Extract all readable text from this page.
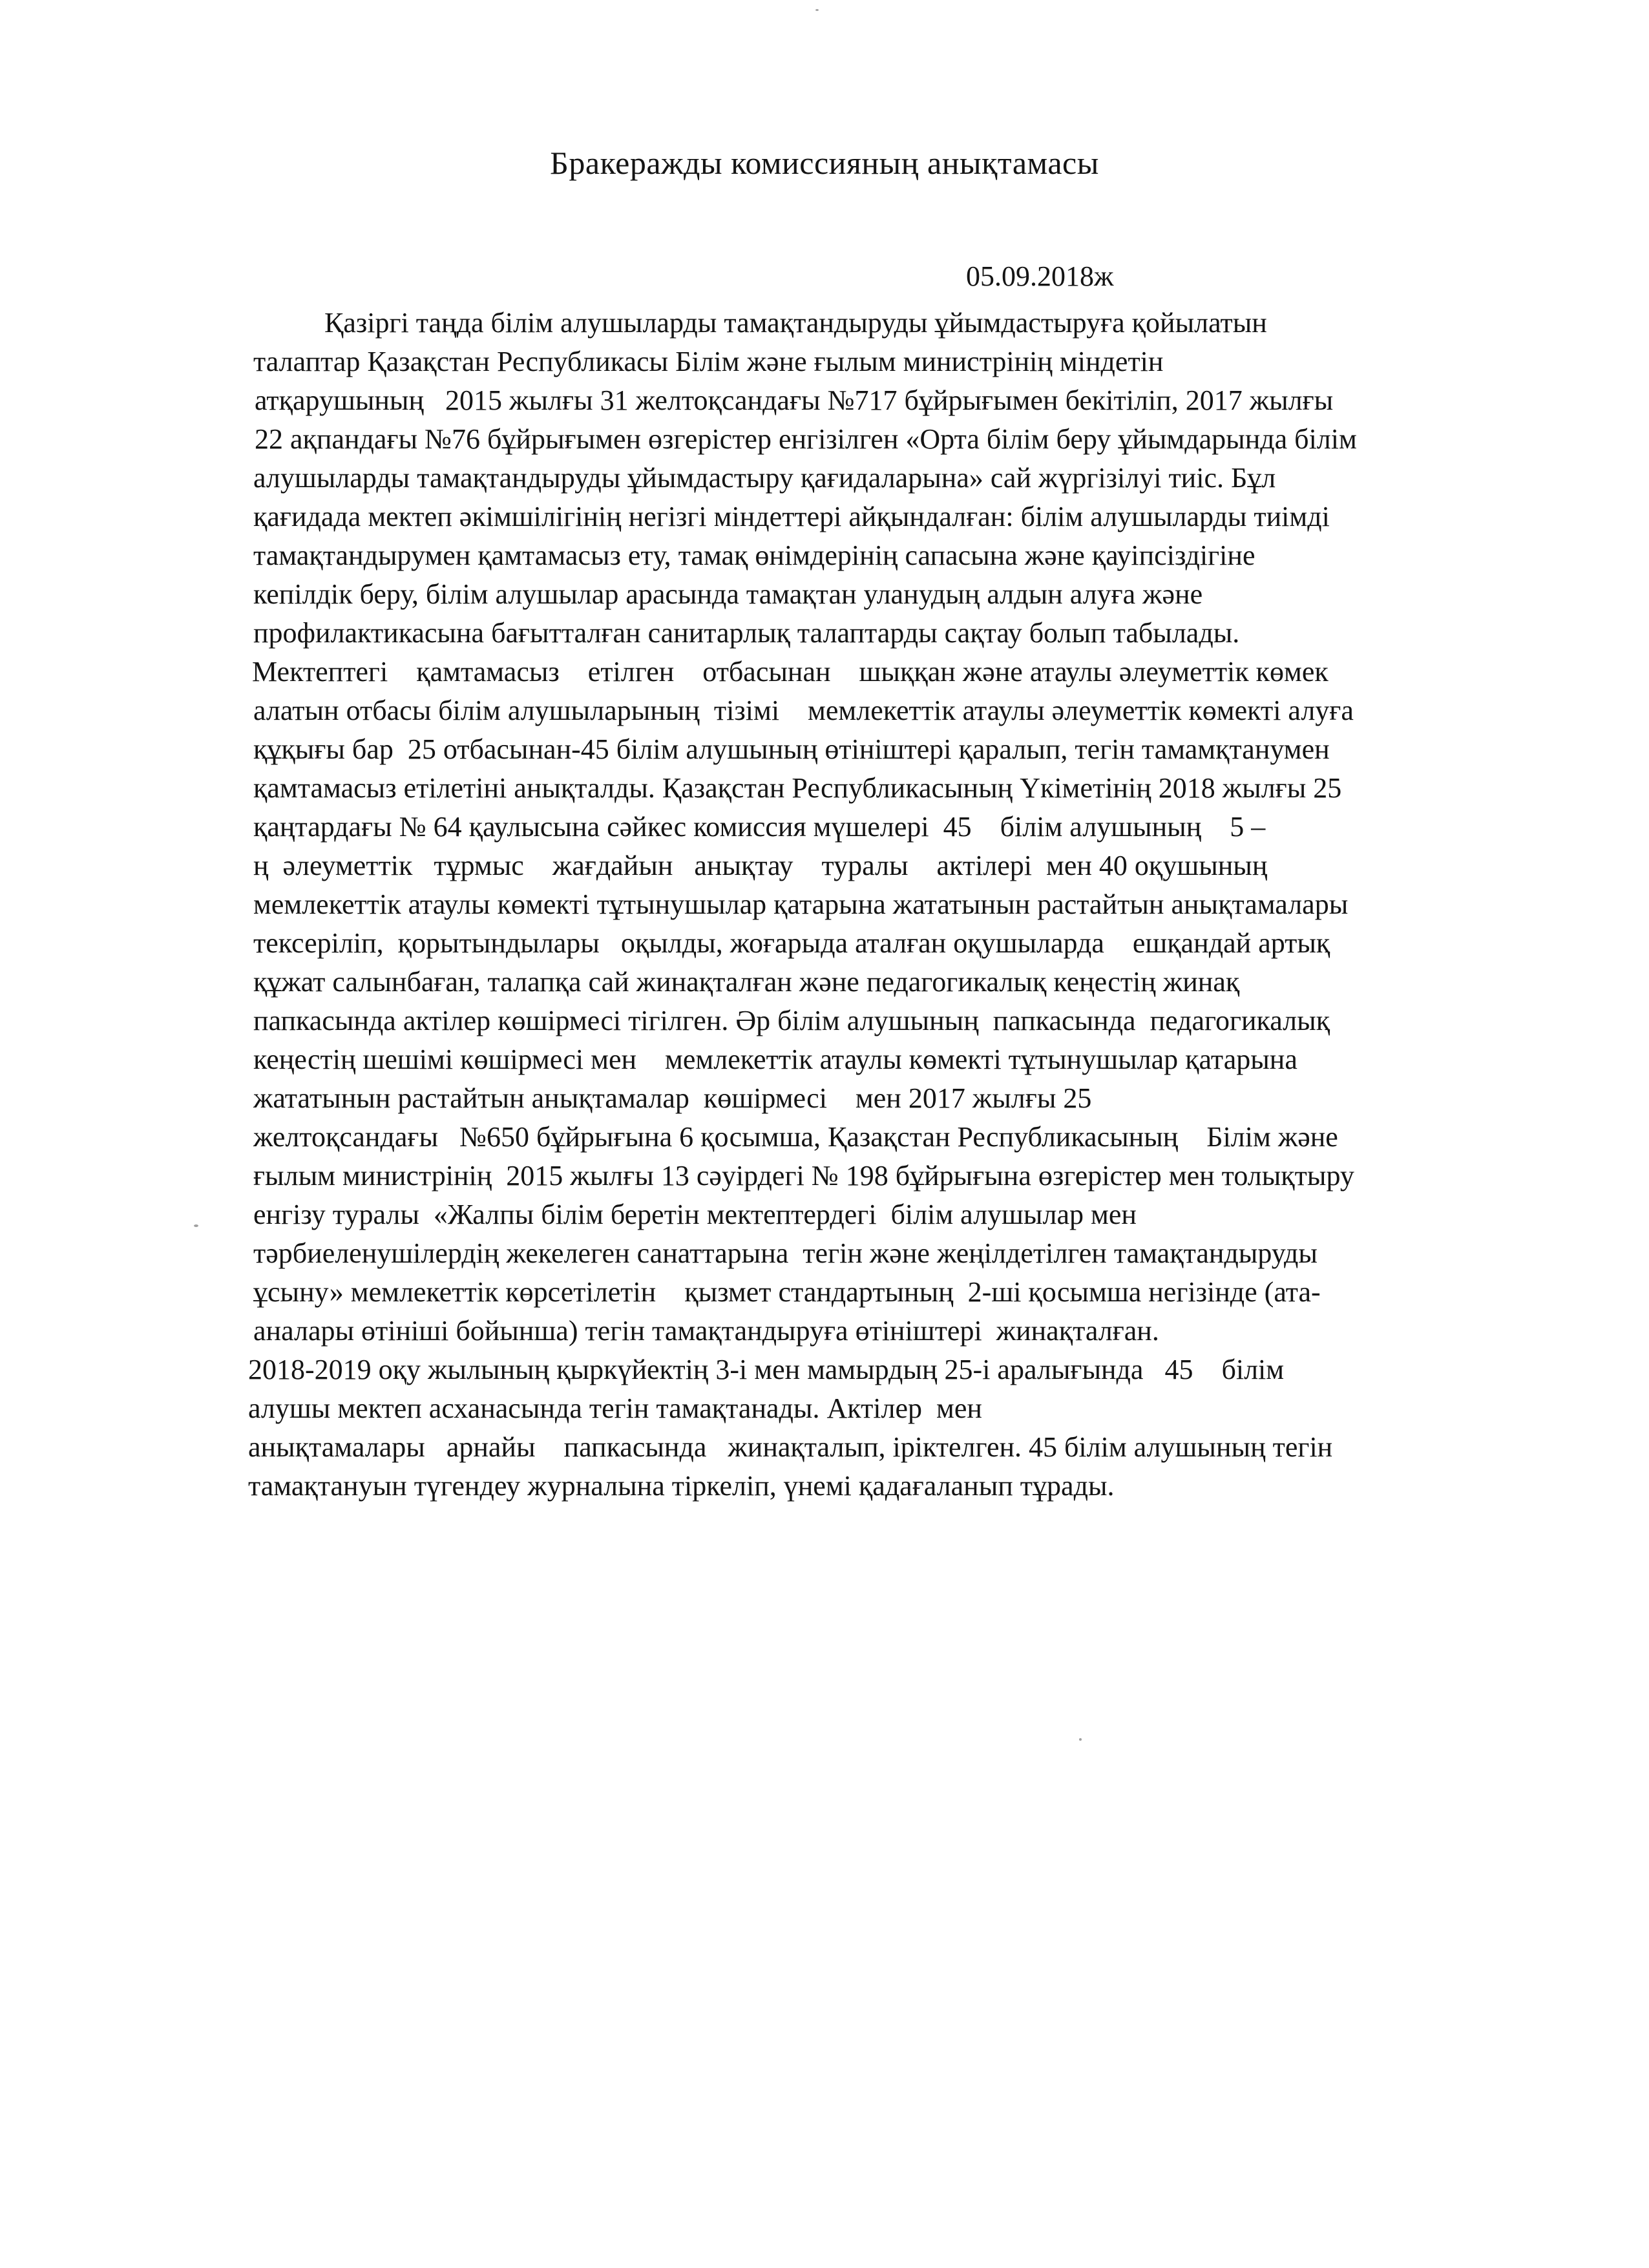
Бракеражды комиссияның анықтамасы
05.09.2018ж
Қазіргі таңда білім алушыларды тамақтандыруды ұйымдастыруға қойылатын
талаптар Қазақстан Республикасы Білім және ғылым министрінің міндетін
атқарушының   2015 жылғы 31 желтоқсандағы №717 бұйрығымен бекітіліп, 2017 жылғы
22 ақпандағы №76 бұйрығымен өзгерістер енгізілген «Орта білім беру ұйымдарында білім
алушыларды тамақтандыруды ұйымдастыру қағидаларына» сай жүргізілуі тиіс. Бұл
қағидада мектеп әкімшілігінің негізгі міндеттері айқындалған: білім алушыларды тиімді
тамақтандырумен қамтамасыз ету, тамақ өнімдерінің сапасына және қауіпсіздігіне
кепілдік беру, білім алушылар арасында тамақтан уланудың алдын алуға және
профилактикасына бағытталған санитарлық талаптарды сақтау болып табылады.
Мектептегі    қамтамасыз    етілген    отбасынан    шыққан және атаулы әлеуметтік көмек
алатын отбасы білім алушыларының  тізімі    мемлекеттік атаулы әлеуметтік көмекті алуға
құқығы бар  25 отбасынан-45 білім алушының өтініштері қаралып, тегін тамамқтанумен
қамтамасыз етілетіні анықталды. Қазақстан Республикасының Үкіметінің 2018 жылғы 25
қаңтардағы № 64 қаулысына сәйкес комиссия мүшелері  45    білім алушының    5 –
ң  әлеуметтік   тұрмыс    жағдайын   анықтау    туралы    актілері  мен 40 оқушының
мемлекеттік атаулы көмекті тұтынушылар қатарына жататынын растайтын анықтамалары
тексеріліп,  қорытындылары   оқылды, жоғарыда аталған оқушыларда    ешқандай артық
құжат салынбаған, талапқа сай жинақталған және педагогикалық кеңестің жинақ
папкасында актілер көшірмесі тігілген. Әр білім алушының  папкасында  педагогикалық
кеңестің шешімі көшірмесі мен    мемлекеттік атаулы көмекті тұтынушылар қатарына
жататынын растайтын анықтамалар  көшірмесі    мен 2017 жылғы 25
желтоқсандағы   №650 бұйрығына 6 қосымша, Қазақстан Республикасының    Білім және
ғылым министрінің  2015 жылғы 13 сәуірдегі № 198 бұйрығына өзгерістер мен толықтыру
енгізу туралы  «Жалпы білім беретін мектептердегі  білім алушылар мен
тәрбиеленушілердің жекелеген санаттарына  тегін және жеңілдетілген тамақтандыруды
ұсыну» мемлекеттік көрсетілетін    қызмет стандартының  2-ші қосымша негізінде (ата-
аналары өтініші бойынша) тегін тамақтандыруға өтініштері  жинақталған.
2018-2019 оқу жылының қыркүйектің 3-і мен мамырдың 25-і аралығында   45    білім
алушы мектеп асханасында тегін тамақтанады. Актілер  мен
анықтамалары   арнайы    папкасында   жинақталып, іріктелген. 45 білім алушының тегін
тамақтануын түгендеу журналына тіркеліп, үнемі қадағаланып тұрады.
